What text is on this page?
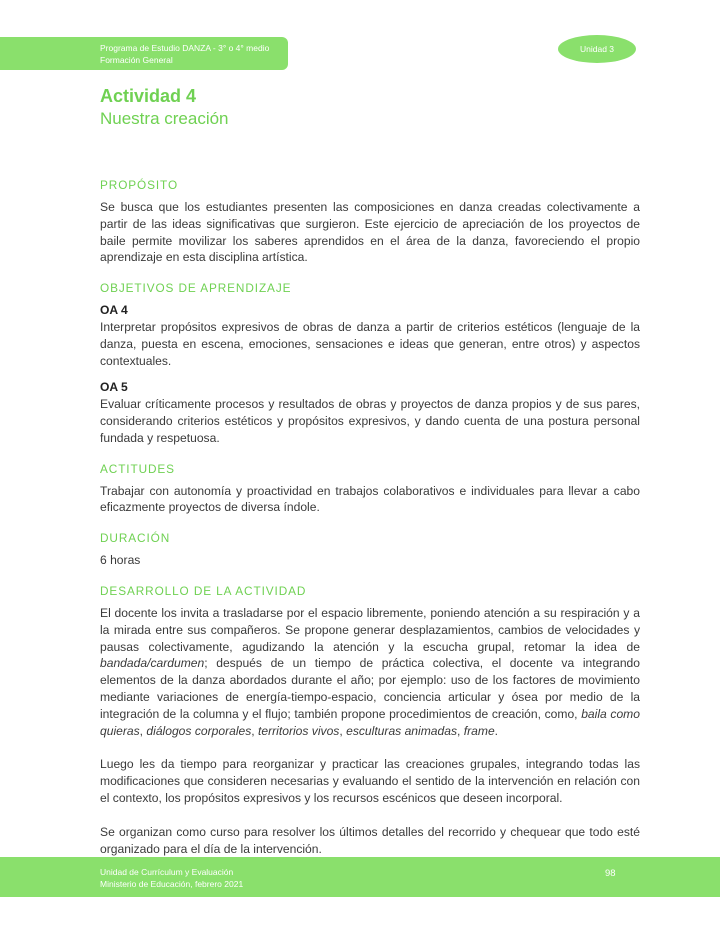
Programa de Estudio DANZA - 3° o 4° medio
Formación General
Unidad 3
Actividad 4
Nuestra creación
PROPÓSITO
Se busca que los estudiantes presenten las composiciones en danza creadas colectivamente a partir de las ideas significativas que surgieron. Este ejercicio de apreciación de los proyectos de baile permite movilizar los saberes aprendidos en el área de la danza, favoreciendo el propio aprendizaje en esta disciplina artística.
OBJETIVOS DE APRENDIZAJE
OA 4
Interpretar propósitos expresivos de obras de danza a partir de criterios estéticos (lenguaje de la danza, puesta en escena, emociones, sensaciones e ideas que generan, entre otros) y aspectos contextuales.
OA 5
Evaluar críticamente procesos y resultados de obras y proyectos de danza propios y de sus pares, considerando criterios estéticos y propósitos expresivos, y dando cuenta de una postura personal fundada y respetuosa.
ACTITUDES
Trabajar con autonomía y proactividad en trabajos colaborativos e individuales para llevar a cabo eficazmente proyectos de diversa índole.
DURACIÓN
6 horas
DESARROLLO DE LA ACTIVIDAD
El docente los invita a trasladarse por el espacio libremente, poniendo atención a su respiración y a la mirada entre sus compañeros. Se propone generar desplazamientos, cambios de velocidades y pausas colectivamente, agudizando la atención y la escucha grupal, retomar la idea de bandada/cardumen; después de un tiempo de práctica colectiva, el docente va integrando elementos de la danza abordados durante el año; por ejemplo: uso de los factores de movimiento mediante variaciones de energía-tiempo-espacio, conciencia articular y ósea por medio de la integración de la columna y el flujo; también propone procedimientos de creación, como, baila como quieras, diálogos corporales, territorios vivos, esculturas animadas, frame.
Luego les da tiempo para reorganizar y practicar las creaciones grupales, integrando todas las modificaciones que consideren necesarias y evaluando el sentido de la intervención en relación con el contexto, los propósitos expresivos y los recursos escénicos que deseen incorporal.
Se organizan como curso para resolver los últimos detalles del recorrido y chequear que todo esté organizado para el día de la intervención.
Unidad de Currículum y Evaluación
Ministerio de Educación, febrero 2021
98
